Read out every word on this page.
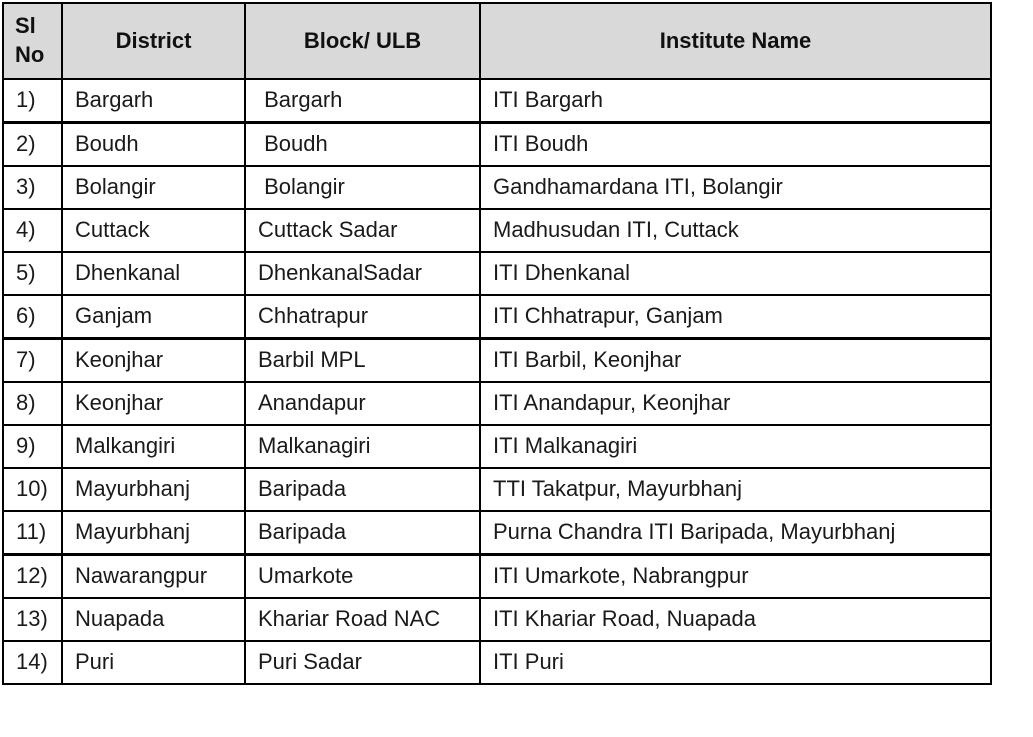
Sl No	District	Block/ ULB	Institute Name
1)	Bargarh	Bargarh	ITI Bargarh
2)	Boudh	Boudh	ITI Boudh
3)	Bolangir	Bolangir	Gandhamardana ITI, Bolangir
4)	Cuttack	Cuttack Sadar	Madhusudan ITI, Cuttack
5)	Dhenkanal	DhenkanalSadar	ITI Dhenkanal
6)	Ganjam	Chhatrapur	ITI Chhatrapur, Ganjam
7)	Keonjhar	Barbil MPL	ITI Barbil, Keonjhar
8)	Keonjhar	Anandapur	ITI Anandapur, Keonjhar
9)	Malkangiri	Malkanagiri	ITI Malkanagiri
10)	Mayurbhanj	Baripada	TTI Takatpur, Mayurbhanj
11)	Mayurbhanj	Baripada	Purna Chandra ITI Baripada, Mayurbhanj
12)	Nawarangpur	Umarkote	ITI Umarkote, Nabrangpur
13)	Nuapada	Khariar Road NAC	ITI Khariar Road, Nuapada
14)	Puri	Puri Sadar	ITI Puri
